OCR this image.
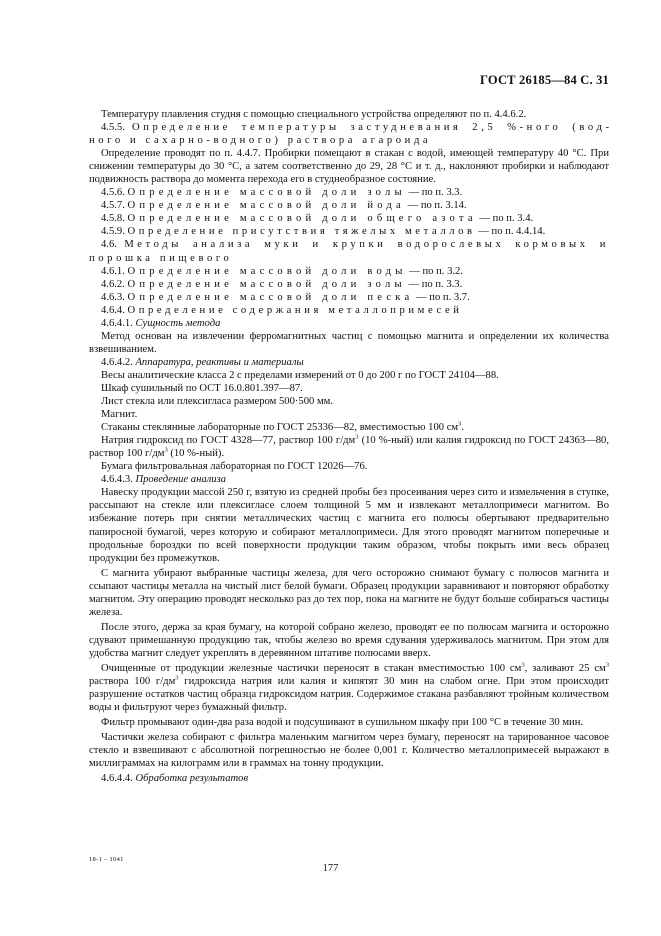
ГОСТ 26185—84 С. 31

Температуру плавления студня с помощью специального устройства определяют по п. 4.4.6.2.

4.5.5. Определение температуры застудневания 2,5 %-ного (водного и сахарно-водного) раствора агароида

Определение проводят по п. 4.4.7. Пробирки помещают в стакан с водой, имеющей температуру 40 °С. При снижении температуры до 30 °С, а затем соответственно до 29, 28 °С и т. д., наклоняют пробирки и наблюдают подвижность раствора до момента перехода его в студнеобразное состояние.

4.5.6. Определение массовой доли золы — по п. 3.3.

4.5.7. Определение массовой доли йода — по п. 3.14.

4.5.8. Определение массовой доли общего азота — по п. 3.4.

4.5.9. Определение присутствия тяжелых металлов — по п. 4.4.14.

4.6. Методы анализа муки и крупки водорослевых кормовых и порошка пищевого

4.6.1. Определение массовой доли воды — по п. 3.2.

4.6.2. Определение массовой доли золы — по п. 3.3.

4.6.3. Определение массовой доли песка — по п. 3.7.

4.6.4. Определение содержания металлопримесей

4.6.4.1. Сущность метода

Метод основан на извлечении ферромагнитных частиц с помощью магнита и определении их количества взвешиванием.

4.6.4.2. Аппаратура, реактивы и материалы

Весы аналитические класса 2 с пределами измерений от 0 до 200 г по ГОСТ 24104—88.

Шкаф сушильный по ОСТ 16.0.801.397—87.

Лист стекла или плексигласа размером 500·500 мм.

Магнит.

Стаканы стеклянные лабораторные по ГОСТ 25336—82, вместимостью 100 $см^3$.

Натрия гидроксид по ГОСТ 4328—77, раствор 100 $г/дм^3$ (10 %-ный) или калия гидроксид по ГОСТ 24363—80, раствор 100 $г/дм^3$ (10 %-ный).

Бумага фильтровальная лабораторная по ГОСТ 12026—76.

4.6.4.3. Проведение анализа

Навеску продукции массой 250 г, взятую из средней пробы без просеивания через сито и измельчения в ступке, рассыпают на стекле или плексигласе слоем толщиной 5 мм и извлекают металлопримеси магнитом. Во избежание потерь при снятии металлических частиц с магнита его полюсы обертывают предварительно папиросной бумагой, через которую и собирают металлопримеси. Для этого проводят магнитом поперечные и продольные бороздки по всей поверхности продукции таким образом, чтобы покрыть ими весь образец продукции без промежутков.

С магнита убирают выбранные частицы железа, для чего осторожно снимают бумагу с полюсов магнита и ссыпают частицы металла на чистый лист белой бумаги. Образец продукции заравнивают и повторяют обработку магнитом. Эту операцию проводят несколько раз до тех пор, пока на магните не будут больше собираться частицы железа.

После этого, держа за края бумагу, на которой собрано железо, проводят ее по полюсам магнита и осторожно сдувают примешанную продукцию так, чтобы железо во время сдувания удерживалось магнитом. При этом для удобства магнит следует укреплять в деревянном штативе полюсами вверх.

Очищенные от продукции железные частички переносят в стакан вместимостью 100 $см^3$, заливают 25 $см^3$ раствора 100 $г/дм^3$ гидроксида натрия или калия и кипятят 30 мин на слабом огне. При этом происходит разрушение остатков частиц образца гидроксидом натрия. Содержимое стакана разбавляют тройным количеством воды и фильтруют через бумажный фильтр.

Фильтр промывают один-два раза водой и подсушивают в сушильном шкафу при 100 °С в течение 30 мин.

Частички железа собирают с фильтра маленьким магнитом через бумагу, переносят на тарированное часовое стекло и взвешивают с абсолютной погрешностью не более 0,001 г. Количество металлопримесей выражают в миллиграммах на килограмм или в граммах на тонну продукции.

4.6.4.4. Обработка результатов

18-1 – 1041
177
